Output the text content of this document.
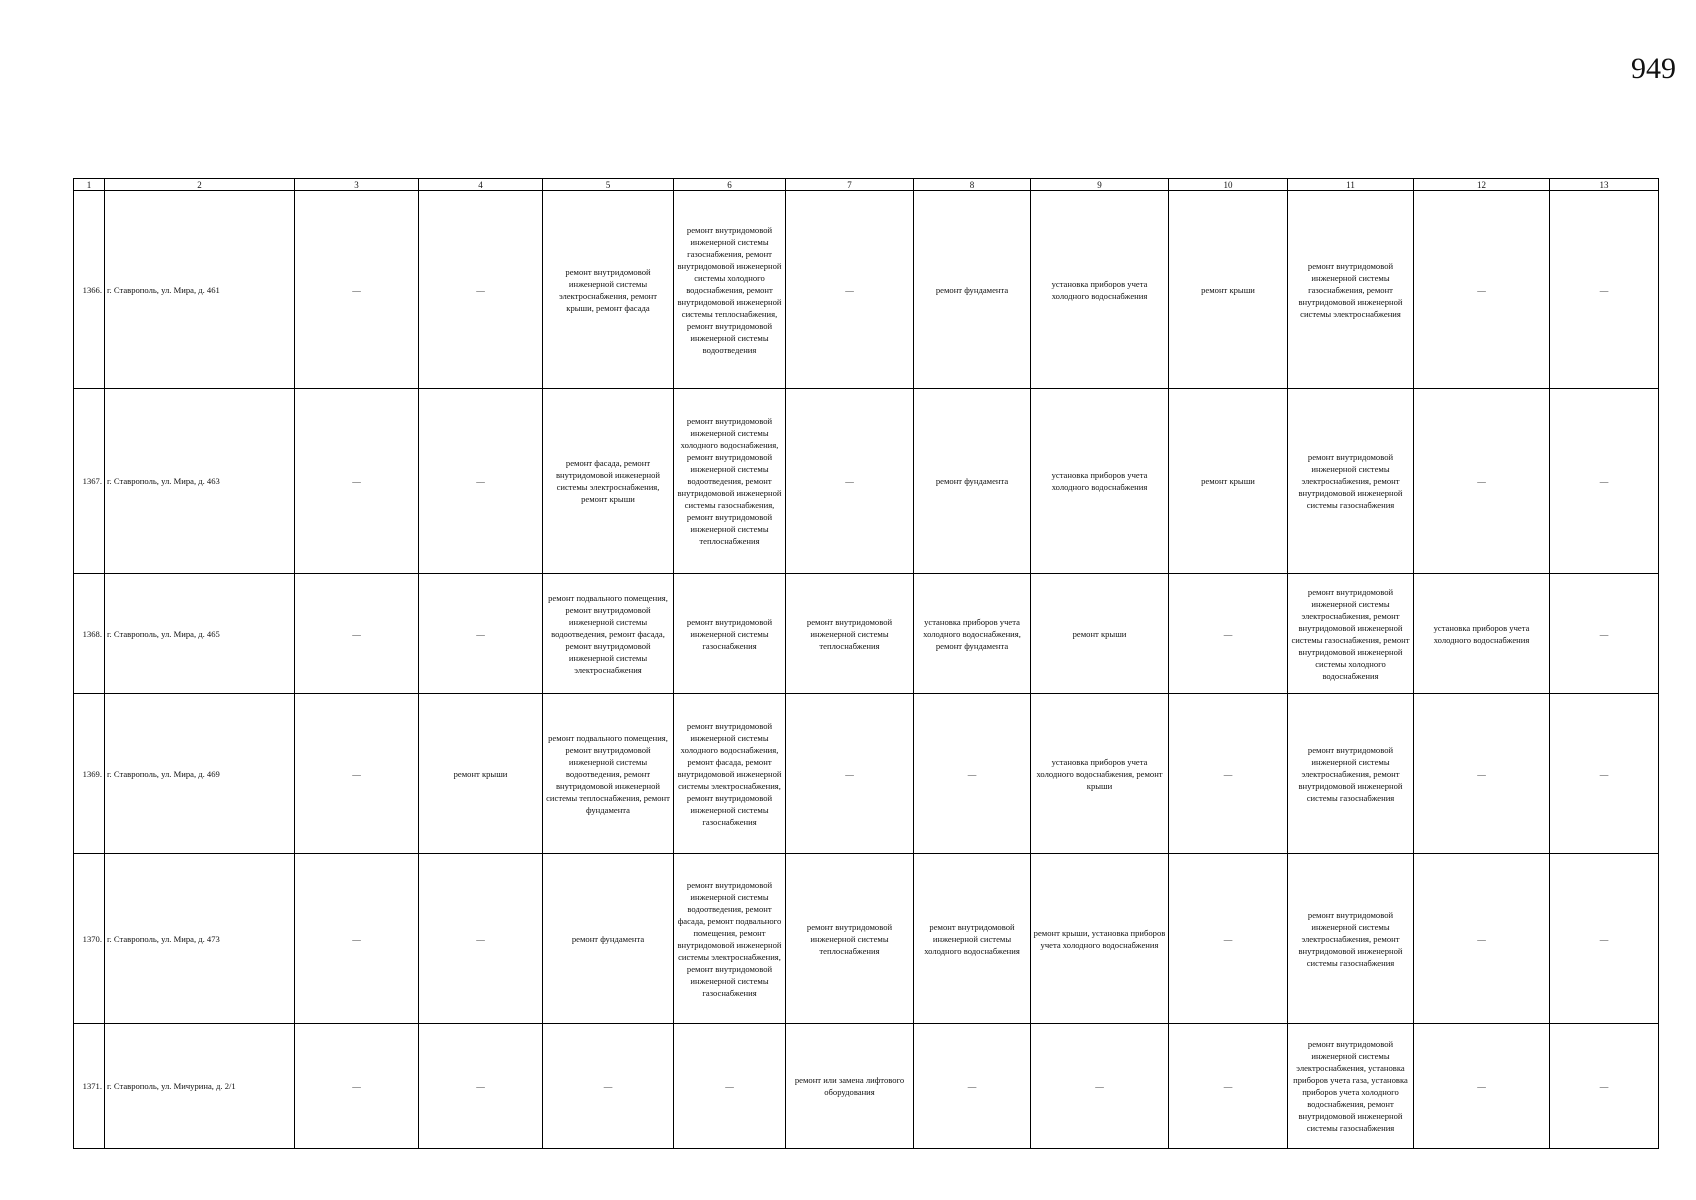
949
1	2	3	4	5	6	7	8	9	10	11	12	13
1366.	г. Ставрополь, ул. Мира, д. 461	—	—	ремонт внутридомовой инженерной системы электроснабжения, ремонт крыши, ремонт фасада	ремонт внутридомовой инженерной системы газоснабжения, ремонт внутридомовой инженерной системы холодного водоснабжения, ремонт внутридомовой инженерной системы теплоснабжения, ремонт внутридомовой инженерной системы водоотведения	—	ремонт фундамента	установка приборов учета холодного водоснабжения	ремонт крыши	ремонт внутридомовой инженерной системы газоснабжения, ремонт внутридомовой инженерной системы электроснабжения	—	—
1367.	г. Ставрополь, ул. Мира, д. 463	—	—	ремонт фасада, ремонт внутридомовой инженерной системы электроснабжения, ремонт крыши	ремонт внутридомовой инженерной системы холодного водоснабжения, ремонт внутридомовой инженерной системы водоотведения, ремонт внутридомовой инженерной системы газоснабжения, ремонт внутридомовой инженерной системы теплоснабжения	—	ремонт фундамента	установка приборов учета холодного водоснабжения	ремонт крыши	ремонт внутридомовой инженерной системы электроснабжения, ремонт внутридомовой инженерной системы газоснабжения	—	—
1368.	г. Ставрополь, ул. Мира, д. 465	—	—	ремонт подвального помещения, ремонт внутридомовой инженерной системы водоотведения, ремонт фасада, ремонт внутридомовой инженерной системы электроснабжения	ремонт внутридомовой инженерной системы газоснабжения	ремонт внутридомовой инженерной системы теплоснабжения	установка приборов учета холодного водоснабжения, ремонт фундамента	ремонт крыши	—	ремонт внутридомовой инженерной системы электроснабжения, ремонт внутридомовой инженерной системы газоснабжения, ремонт внутридомовой инженерной системы холодного водоснабжения	установка приборов учета холодного водоснабжения	—
1369.	г. Ставрополь, ул. Мира, д. 469	—	ремонт крыши	ремонт подвального помещения, ремонт внутридомовой инженерной системы водоотведения, ремонт внутридомовой инженерной системы теплоснабжения, ремонт фундамента	ремонт внутридомовой инженерной системы холодного водоснабжения, ремонт фасада, ремонт внутридомовой инженерной системы электроснабжения, ремонт внутридомовой инженерной системы газоснабжения	—	—	установка приборов учета холодного водоснабжения, ремонт крыши	—	ремонт внутридомовой инженерной системы электроснабжения, ремонт внутридомовой инженерной системы газоснабжения	—	—
1370.	г. Ставрополь, ул. Мира, д. 473	—	—	ремонт фундамента	ремонт внутридомовой инженерной системы водоотведения, ремонт фасада, ремонт подвального помещения, ремонт внутридомовой инженерной системы электроснабжения, ремонт внутридомовой инженерной системы газоснабжения	ремонт внутридомовой инженерной системы теплоснабжения	ремонт внутридомовой инженерной системы холодного водоснабжения	ремонт крыши, установка приборов учета холодного водоснабжения	—	ремонт внутридомовой инженерной системы электроснабжения, ремонт внутридомовой инженерной системы газоснабжения	—	—
1371.	г. Ставрополь, ул. Мичурина, д. 2/1	—	—	—	—	ремонт или замена лифтового оборудования	—	—	—	ремонт внутридомовой инженерной системы электроснабжения, установка приборов учета газа, установка приборов учета холодного водоснабжения, ремонт внутридомовой инженерной системы газоснабжения	—	—
